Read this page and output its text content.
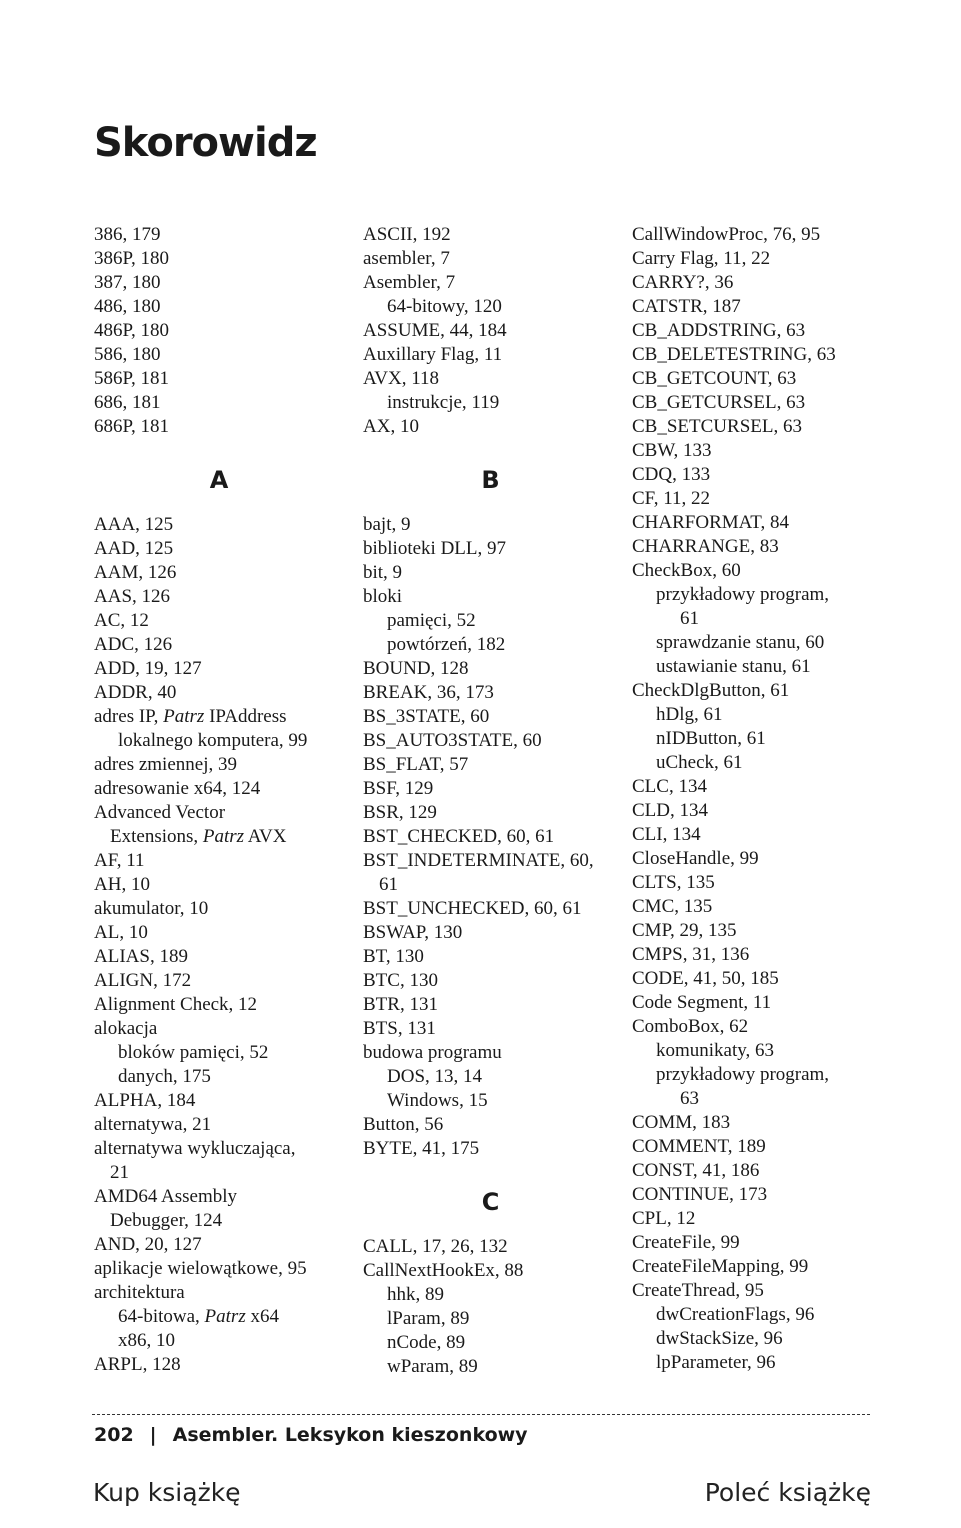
Skorowidz
386, 179
386P, 180
387, 180
486, 180
486P, 180
586, 180
586P, 181
686, 181
686P, 181
A
AAA, 125
AAD, 125
AAM, 126
AAS, 126
AC, 12
ADC, 126
ADD, 19, 127
ADDR, 40
adres IP, Patrz IPAddress
lokalnego komputera, 99
adres zmiennej, 39
adresowanie x64, 124
Advanced Vector
Extensions, Patrz AVX
AF, 11
AH, 10
akumulator, 10
AL, 10
ALIAS, 189
ALIGN, 172
Alignment Check, 12
alokacja
bloków pamięci, 52
danych, 175
ALPHA, 184
alternatywa, 21
alternatywa wykluczająca,
21
AMD64 Assembly
Debugger, 124
AND, 20, 127
aplikacje wielowątkowe, 95
architektura
64-bitowa, Patrz x64
x86, 10
ARPL, 128
ASCII, 192
asembler, 7
Asembler, 7
64-bitowy, 120
ASSUME, 44, 184
Auxillary Flag, 11
AVX, 118
instrukcje, 119
AX, 10
B
bajt, 9
biblioteki DLL, 97
bit, 9
bloki
pamięci, 52
powtórzeń, 182
BOUND, 128
BREAK, 36, 173
BS_3STATE, 60
BS_AUTO3STATE, 60
BS_FLAT, 57
BSF, 129
BSR, 129
BST_CHECKED, 60, 61
BST_INDETERMINATE, 60,
61
BST_UNCHECKED, 60, 61
BSWAP, 130
BT, 130
BTC, 130
BTR, 131
BTS, 131
budowa programu
DOS, 13, 14
Windows, 15
Button, 56
BYTE, 41, 175
C
CALL, 17, 26, 132
CallNextHookEx, 88
hhk, 89
lParam, 89
nCode, 89
wParam, 89
CallWindowProc, 76, 95
Carry Flag, 11, 22
CARRY?, 36
CATSTR, 187
CB_ADDSTRING, 63
CB_DELETESTRING, 63
CB_GETCOUNT, 63
CB_GETCURSEL, 63
CB_SETCURSEL, 63
CBW, 133
CDQ, 133
CF, 11, 22
CHARFORMAT, 84
CHARRANGE, 83
CheckBox, 60
przykładowy program,
61
sprawdzanie stanu, 60
ustawianie stanu, 61
CheckDlgButton, 61
hDlg, 61
nIDButton, 61
uCheck, 61
CLC, 134
CLD, 134
CLI, 134
CloseHandle, 99
CLTS, 135
CMC, 135
CMP, 29, 135
CMPS, 31, 136
CODE, 41, 50, 185
Code Segment, 11
ComboBox, 62
komunikaty, 63
przykładowy program,
63
COMM, 183
COMMENT, 189
CONST, 41, 186
CONTINUE, 173
CPL, 12
CreateFile, 99
CreateFileMapping, 99
CreateThread, 95
dwCreationFlags, 96
dwStackSize, 96
lpParameter, 96
202 | Asembler. Leksykon kieszonkowy
Kup książkę	Poleć książkę
